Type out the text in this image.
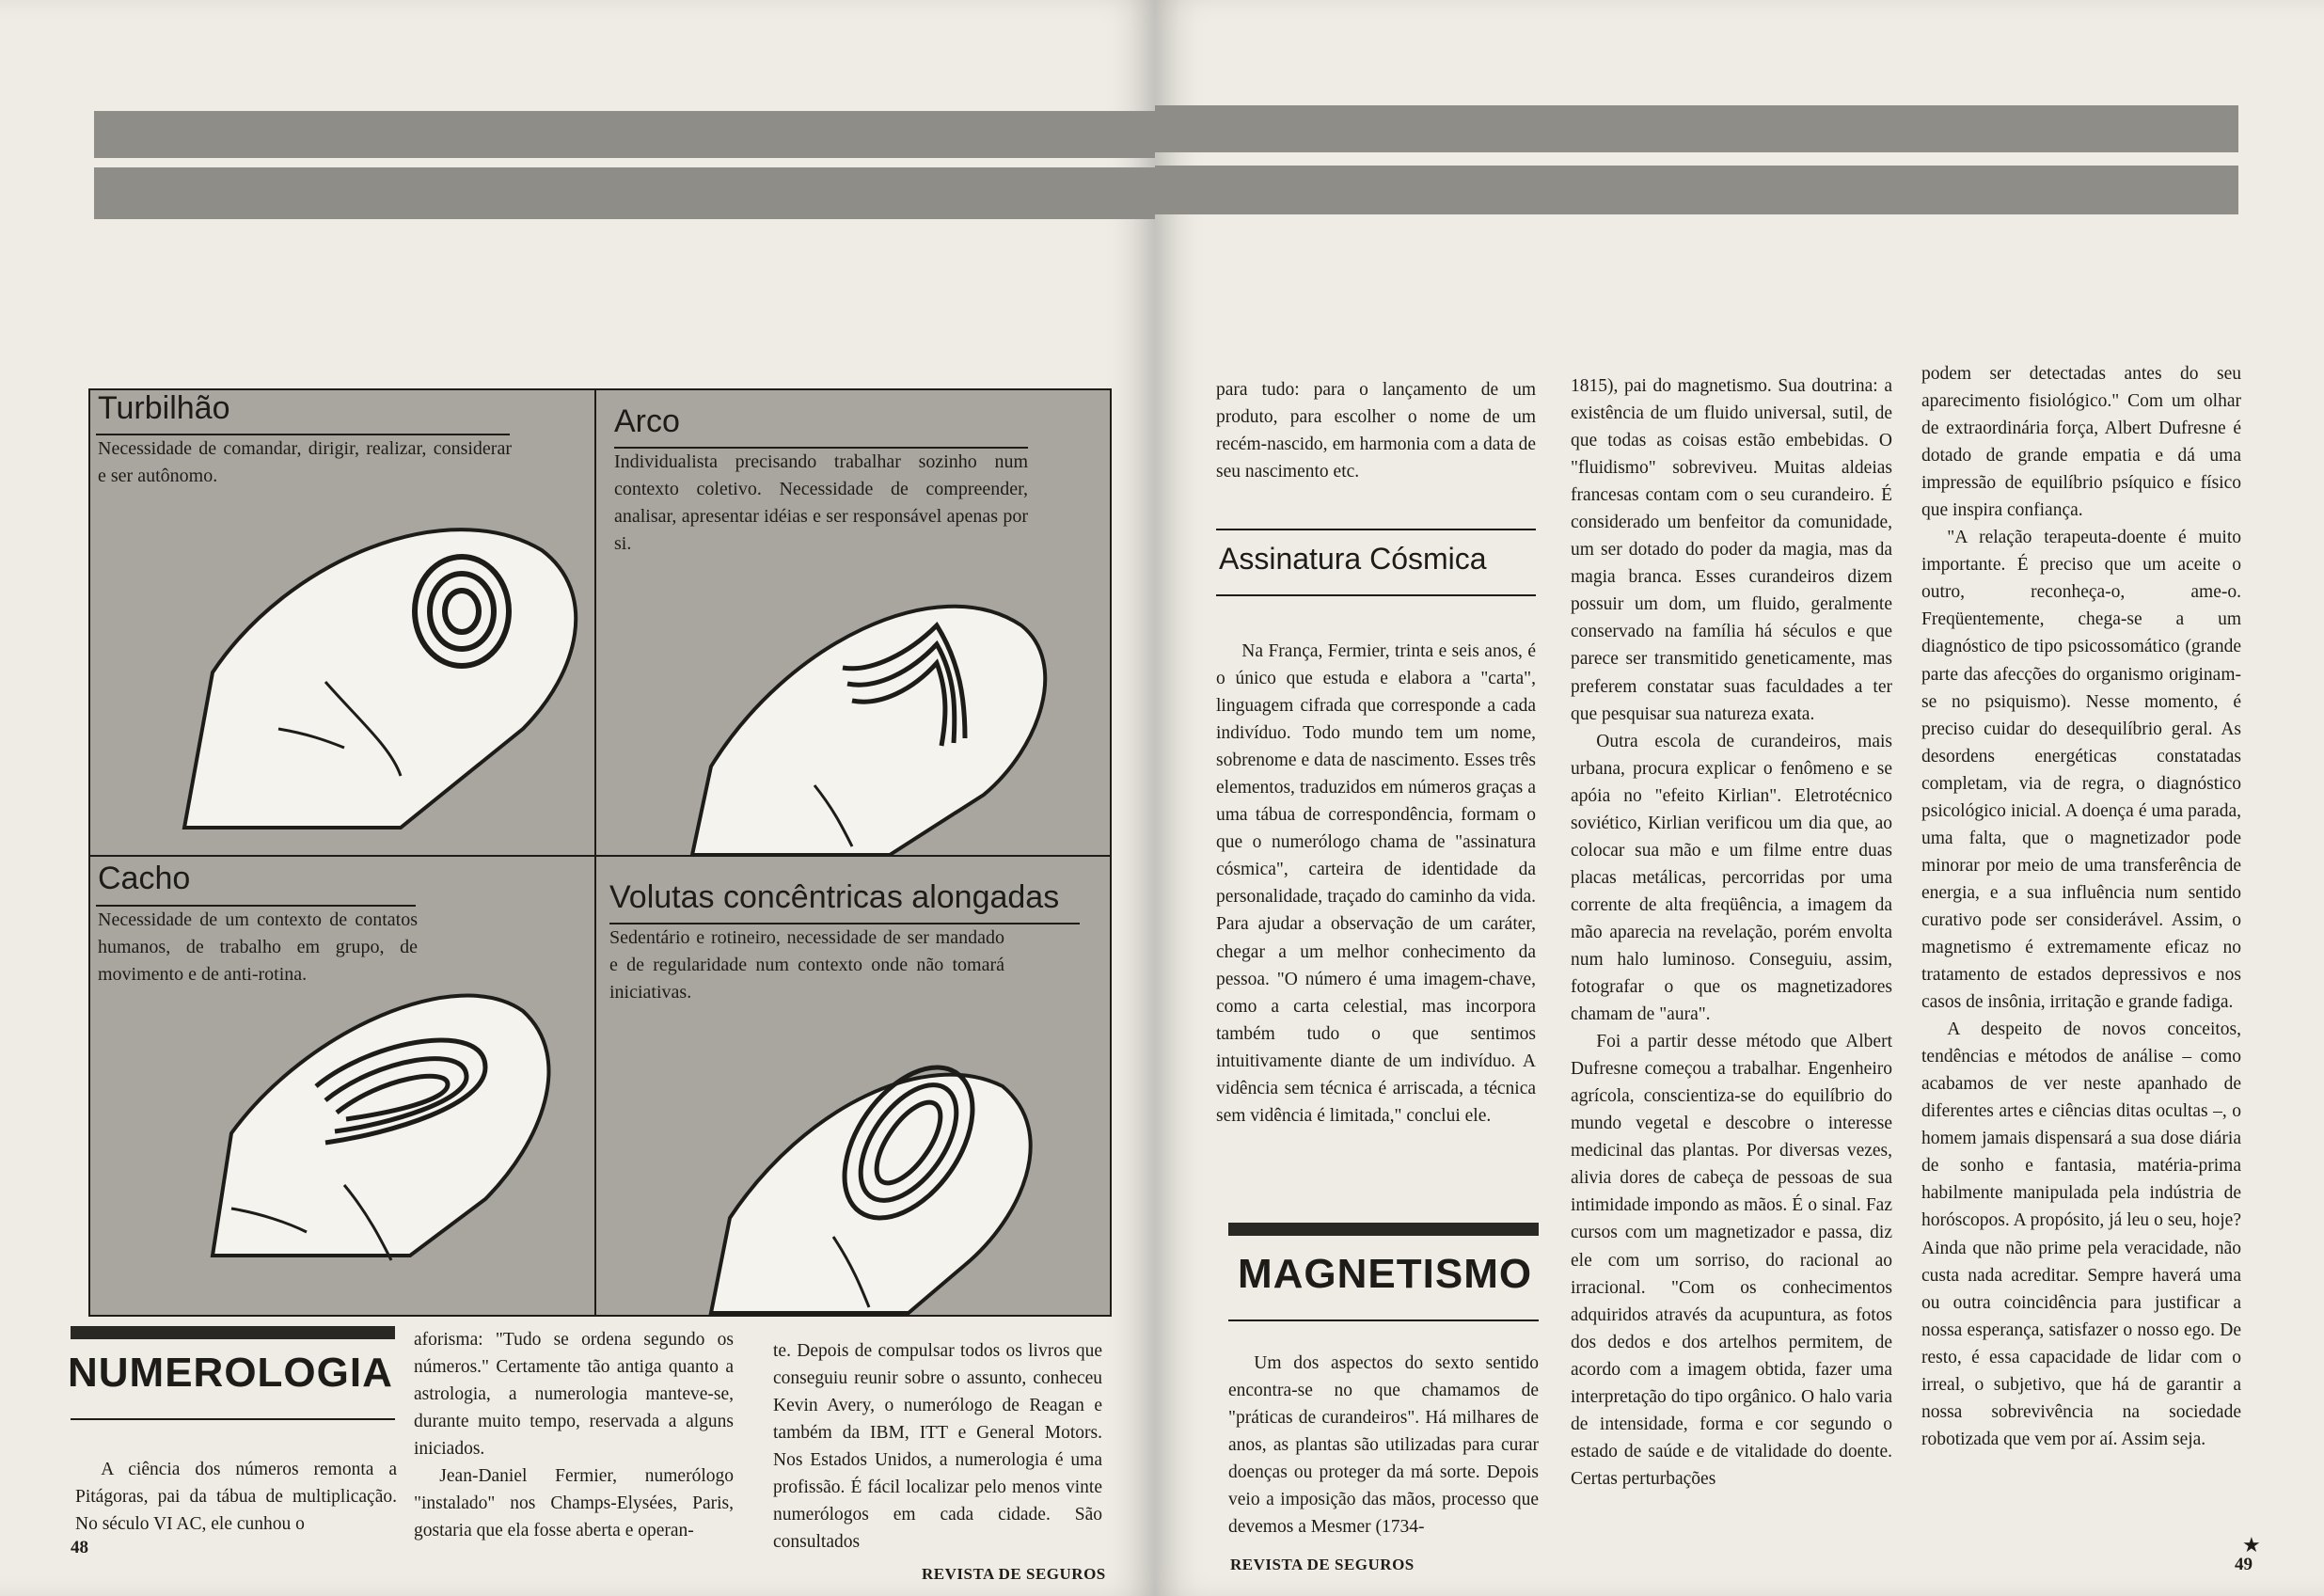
Turbilhão
Necessidade de comandar, dirigir, realizar, considerar e ser autônomo.
Arco
Individualista precisando trabalhar sozinho num contexto coletivo. Necessidade de compreender, analisar, apresentar idéias e ser responsável apenas por si.
Cacho
Necessidade de um contexto de contatos humanos, de trabalho em grupo, de movimento e de anti-rotina.
Volutas concêntricas alongadas
Sedentário e rotineiro, necessidade de ser mandado e de regularidade num contexto onde não tomará iniciativas.
NUMEROLOGIA

A ciência dos números remonta a Pitágoras, pai da tábua de multiplicação. No século VI AC, ele cunhou o

aforisma: "Tudo se ordena segundo os números." Certamente tão antiga quanto a astrologia, a numerologia manteve-se, durante muito tempo, reservada a alguns iniciados.

Jean-Daniel Fermier, numerólogo "instalado" nos Champs-Elysées, Paris, gostaria que ela fosse aberta e operan-

te. Depois de compulsar todos os livros que conseguiu reunir sobre o assunto, conheceu Kevin Avery, o numerólogo de Reagan e também da IBM, ITT e General Motors. Nos Estados Unidos, a numerologia é uma profissão. É fácil localizar pelo menos vinte numerólogos em cada cidade. São consultados

48
REVISTA DE SEGUROS

para tudo: para o lançamento de um produto, para escolher o nome de um recém-nascido, em harmonia com a data de seu nascimento etc.

Assinatura Cósmica

Na França, Fermier, trinta e seis anos, é o único que estuda e elabora a "carta", linguagem cifrada que corresponde a cada indivíduo. Todo mundo tem um nome, sobrenome e data de nascimento. Esses três elementos, traduzidos em números graças a uma tábua de correspondência, formam o que o numerólogo chama de "assinatura cósmica", carteira de identidade da personalidade, traçado do caminho da vida. Para ajudar a observação de um caráter, chegar a um melhor conhecimento da pessoa. "O número é uma imagem-chave, como a carta celestial, mas incorpora também tudo o que sentimos intuitivamente diante de um indivíduo. A vidência sem técnica é arriscada, a técnica sem vidência é limitada," conclui ele.

MAGNETISMO

Um dos aspectos do sexto sentido encontra-se no que chamamos de "práticas de curandeiros". Há milhares de anos, as plantas são utilizadas para curar doenças ou proteger da má sorte. Depois veio a imposição das mãos, processo que devemos a Mesmer (1734-

1815), pai do magnetismo. Sua doutrina: a existência de um fluido universal, sutil, de que todas as coisas estão embebidas. O "fluidismo" sobreviveu. Muitas aldeias francesas contam com o seu curandeiro. É considerado um benfeitor da comunidade, um ser dotado do poder da magia, mas da magia branca. Esses curandeiros dizem possuir um dom, um fluido, geralmente conservado na família há séculos e que parece ser transmitido geneticamente, mas preferem constatar suas faculdades a ter que pesquisar sua natureza exata.

Outra escola de curandeiros, mais urbana, procura explicar o fenômeno e se apóia no "efeito Kirlian". Eletrotécnico soviético, Kirlian verificou um dia que, ao colocar sua mão e um filme entre duas placas metálicas, percorridas por uma corrente de alta freqüência, a imagem da mão aparecia na revelação, porém envolta num halo luminoso. Conseguiu, assim, fotografar o que os magnetizadores chamam de "aura".

Foi a partir desse método que Albert Dufresne começou a trabalhar. Engenheiro agrícola, conscientiza-se do equilíbrio do mundo vegetal e descobre o interesse medicinal das plantas. Por diversas vezes, alivia dores de cabeça de pessoas de sua intimidade impondo as mãos. É o sinal. Faz cursos com um magnetizador e passa, diz ele com um sorriso, do racional ao irracional. "Com os conhecimentos adquiridos através da acupuntura, as fotos dos dedos e dos artelhos permitem, de acordo com a imagem obtida, fazer uma interpretação do tipo orgânico. O halo varia de intensidade, forma e cor segundo o estado de saúde e de vitalidade do doente. Certas perturbações

podem ser detectadas antes do seu aparecimento fisiológico." Com um olhar de extraordinária força, Albert Dufresne é dotado de grande empatia e dá uma impressão de equilíbrio psíquico e físico que inspira confiança.

"A relação terapeuta-doente é muito importante. É preciso que um aceite o outro, reconheça-o, ame-o. Freqüentemente, chega-se a um diagnóstico de tipo psicossomático (grande parte das afecções do organismo originam-se no psiquismo). Nesse momento, é preciso cuidar do desequilíbrio geral. As desordens energéticas constatadas completam, via de regra, o diagnóstico psicológico inicial. A doença é uma parada, uma falta, que o magnetizador pode minorar por meio de uma transferência de energia, e a sua influência num sentido curativo pode ser considerável. Assim, o magnetismo é extremamente eficaz no tratamento de estados depressivos e nos casos de insônia, irritação e grande fadiga.

A despeito de novos conceitos, tendências e métodos de análise – como acabamos de ver neste apanhado de diferentes artes e ciências ditas ocultas –, o homem jamais dispensará a sua dose diária de sonho e fantasia, matéria-prima habilmente manipulada pela indústria de horóscopos. A propósito, já leu o seu, hoje? Ainda que não prime pela veracidade, não custa nada acreditar. Sempre haverá uma ou outra coincidência para justificar a nossa esperança, satisfazer o nosso ego. De resto, é essa capacidade de lidar com o irreal, o subjetivo, que há de garantir a nossa sobrevivência na sociedade robotizada que vem por aí. Assim seja.

★
REVISTA DE SEGUROS	49
